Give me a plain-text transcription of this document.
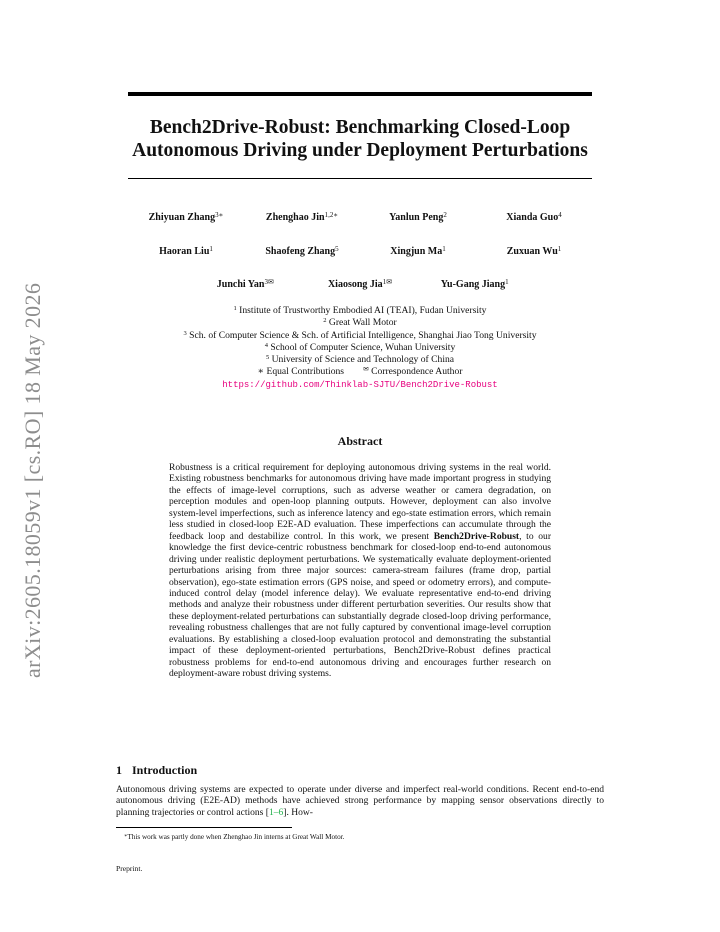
arXiv:2605.18059v1 [cs.RO] 18 May 2026
Bench2Drive-Robust: Benchmarking Closed-Loop
Autonomous Driving under Deployment Perturbations
Zhiyuan Zhang$^{3∗}$	Zhenghao Jin$^{1,2∗}$	Yanlun Peng$^2$	Xianda Guo$^4$
Haoran Liu$^1$	Shaofeng Zhang$^5$	Xingjun Ma$^1$	Zuxuan Wu$^1$
Junchi Yan$^{3✉}$	Xiaosong Jia$^{1✉}$	Yu-Gang Jiang$^1$
$^1$ Institute of Trustworthy Embodied AI (TEAI), Fudan University
$^2$ Great Wall Motor
$^3$ Sch. of Computer Science & Sch. of Artificial Intelligence, Shanghai Jiao Tong University
$^4$ School of Computer Science, Wuhan University
$^5$ University of Science and Technology of China
∗ Equal Contributions	✉ Correspondence Author
https://github.com/Thinklab-SJTU/Bench2Drive-Robust
Abstract
Robustness is a critical requirement for deploying autonomous driving systems in the real world. Existing robustness benchmarks for autonomous driving have made important progress in studying the effects of image-level corruptions, such as adverse weather or camera degradation, on perception modules and open-loop planning outputs. However, deployment can also involve system-level imperfections, such as inference latency and ego-state estimation errors, which remain less studied in closed-loop E2E-AD evaluation. These imperfections can accumulate through the feedback loop and destabilize control. In this work, we present Bench2Drive-Robust, to our knowledge the first device-centric robustness benchmark for closed-loop end-to-end autonomous driving under realistic deployment perturbations. We systematically evaluate deployment-oriented perturbations arising from three major sources: camera-stream failures (frame drop, partial observation), ego-state estimation errors (GPS noise, and speed or odometry errors), and compute-induced control delay (model inference delay). We evaluate representative end-to-end driving methods and analyze their robustness under different perturbation severities. Our results show that these deployment-related perturbations can substantially degrade closed-loop driving performance, revealing robustness challenges that are not fully captured by conventional image-level corruption evaluations. By establishing a closed-loop evaluation protocol and demonstrating the substantial impact of these deployment-oriented perturbations, Bench2Drive-Robust defines practical robustness problems for end-to-end autonomous driving and encourages further research on deployment-aware robust driving systems.
1 Introduction
Autonomous driving systems are expected to operate under diverse and imperfect real-world conditions. Recent end-to-end autonomous driving (E2E-AD) methods have achieved strong performance by mapping sensor observations directly to planning trajectories or control actions [1–6]. How-
∗This work was partly done when Zhenghao Jin interns at Great Wall Motor.
Preprint.
